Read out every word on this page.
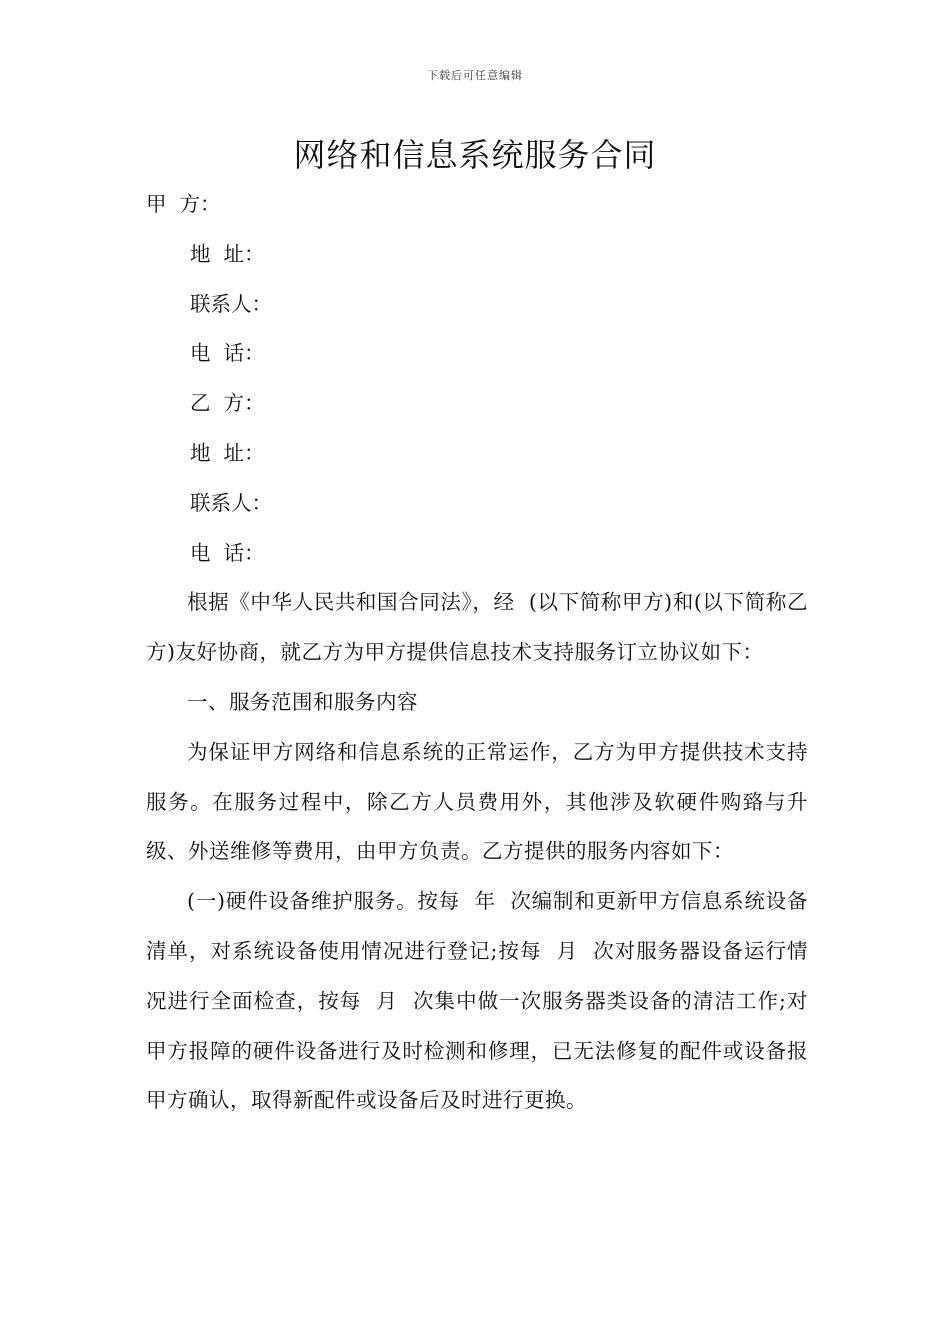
下载后可任意编辑
网络和信息系统服务合同
甲  方：
地  址：
联系人：
电  话：
乙  方：
地  址：
联系人：
电  话：

根据《中华人民共和国合同法》，经  (以下简称甲方)和(以下简称乙方)友好协商，就乙方为甲方提供信息技术支持服务订立协议如下：

一、服务范围和服务内容

为保证甲方网络和信息系统的正常运作，乙方为甲方提供技术支持服务。在服务过程中，除乙方人员费用外，其他涉及软硬件购臵与升级、外送维修等费用，由甲方负责。乙方提供的服务内容如下：

(一)硬件设备维护服务。按每  年  次编制和更新甲方信息系统设备清单，对系统设备使用情况进行登记;按每  月  次对服务器设备运行情况进行全面检查，按每  月  次集中做一次服务器类设备的清洁工作;对甲方报障的硬件设备进行及时检测和修理，已无法修复的配件或设备报甲方确认，取得新配件或设备后及时进行更换。
